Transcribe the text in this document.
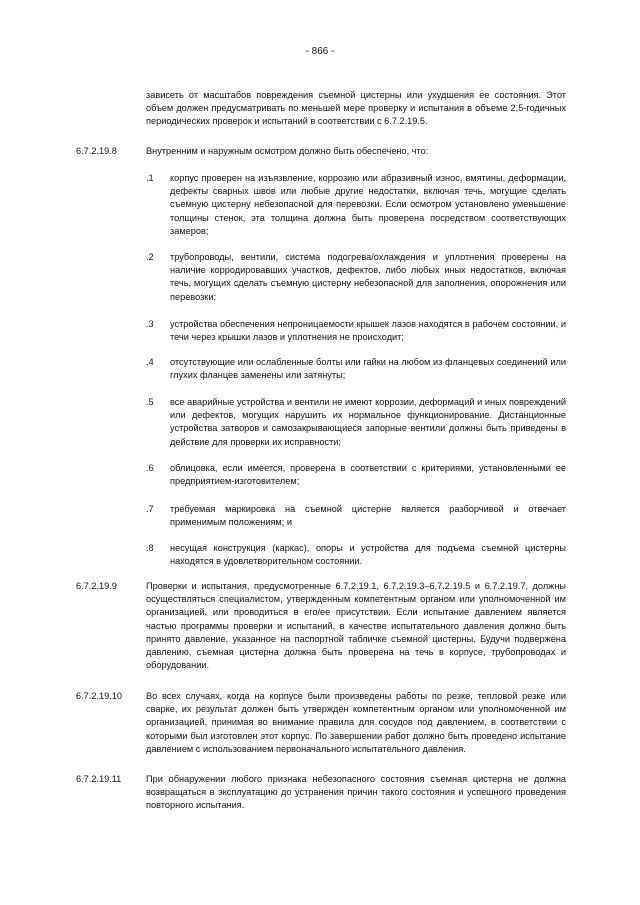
- 866 -

зависеть от масштабов повреждения съемной цистерны или ухудшения ее состояния. Этот объем должен предусматривать по меньшей мере проверку и испытания в объеме 2,5-годичных периодических проверок и испытаний в соответствии с 6.7.2.19.5.

6.7.2.19.8	Внутренним и наружным осмотром должно быть обеспечено, что:

.1 корпус проверен на изъязвление, коррозию или абразивный износ, вмятины, деформации, дефекты сварных швов или любые другие недостатки, включая течь, могущие сделать съемную цистерну небезопасной для перевозки. Если осмотром установлено уменьшение толщины стенок, эта толщина должна быть проверена посредством соответствующих замеров;

.2 трубопроводы, вентили, система подогрева/охлаждения и уплотнения проверены на наличие корродировавших участков, дефектов, либо любых иных недостатков, включая течь, могущих сделать съемную цистерну небезопасной для заполнения, опорожнения или перевозки;

.3 устройства обеспечения непроницаемости крышек лазов находятся в рабочем состоянии, и течи через крышки лазов и уплотнения не происходит;

.4 отсутствующие или ослабленные болты или гайки на любом из фланцевых соединений или глухих фланцев заменены или затянуты;

.5 все аварийные устройства и вентили не имеют коррозии, деформаций и иных повреждений или дефектов, могущих нарушить их нормальное функционирование. Дистанционные устройства затворов и самозакрывающиеся запорные вентили должны быть приведены в действие для проверки их исправности;

.6 облицовка, если имеется, проверена в соответствии с критериями, установленными ее предприятием-изготовителем;

.7 требуемая маркировка на съемной цистерне является разборчивой и отвечает применимым положениям; и

.8 несущая конструкция (каркас), опоры и устройства для подъема съемной цистерны находятся в удовлетворительном состоянии.

6.7.2.19.9	Проверки и испытания, предусмотренные 6.7.2.19.1, 6.7.2.19.3–6.7.2.19.5 и 6.7.2.19.7, должны осуществляться специалистом, утвержденным компетентным органом или уполномоченной им организацией, или проводиться в его/ее присутствии. Если испытание давлением является частью программы проверки и испытаний, в качестве испытательного давления должно быть принято давление, указанное на паспортной табличке съемной цистерны. Будучи подвержена давлению, съемная цистерна должна быть проверена на течь в корпусе, трубопроводах и оборудовании.

6.7.2.19.10	Во всех случаях, когда на корпусе были произведены работы по резке, тепловой резке или сварке, их результат должен быть утвержден компетентным органом или уполномоченной им организацией, принимая во внимание правила для сосудов под давлением, в соответствии с которыми был изготовлен этот корпус. По завершении работ должно быть проведено испытание давлением с использованием первоначального испытательного давления.

6.7.2.19.11	При обнаружении любого признака небезопасного состояния съемная цистерна не должна возвращаться в эксплуатацию до устранения причин такого состояния и успешного проведения повторного испытания.
